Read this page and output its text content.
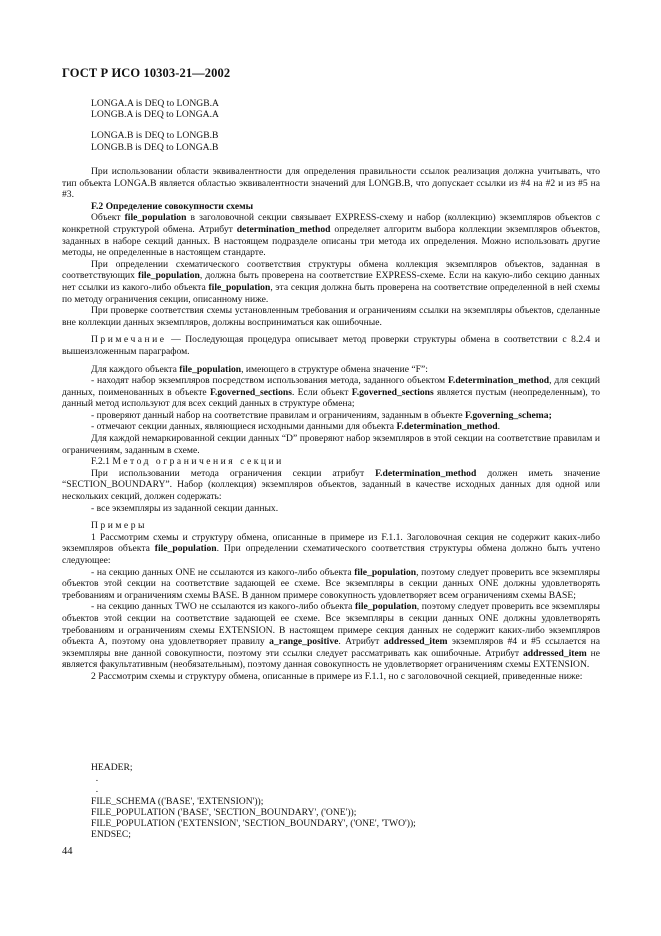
ГОСТ Р ИСО 10303-21—2002
LONGA.A is DEQ to LONGB.A
LONGB.A is DEQ to LONGA.A
LONGA.B is DEQ to LONGB.B
LONGB.B is DEQ to LONGA.B

При использовании области эквивалентности для определения правильности ссылок реализация должна учитывать, что тип объекта LONGA.B является областью эквивалентности значений для LONGB.B, что допускает ссылки из #4 на #2 и из #5 на #3.

F.2 Определение совокупности схемы

Объект file_population в заголовочной секции связывает EXPRESS-схему и набор (коллекцию) экземпляров объектов с конкретной структурой обмена. Атрибут determination_method определяет алгоритм выбора коллекции экземпляров объектов, заданных в наборе секций данных. В настоящем подразделе описаны три метода их определения. Можно использовать другие методы, не определенные в настоящем стандарте.

При определении схематического соответствия структуры обмена коллекция экземпляров объектов, заданная в соответствующих file_population, должна быть проверена на соответствие EXPRESS-схеме. Если на какую-либо секцию данных нет ссылки из какого-либо объекта file_population, эта секция должна быть проверена на соответствие определенной в ней схемы по методу ограничения секции, описанному ниже.

При проверке соответствия схемы установленным требования и ограничениям ссылки на экземпляры объектов, сделанные вне коллекции данных экземпляров, должны восприниматься как ошибочные.

Примечание — Последующая процедура описывает метод проверки структуры обмена в соответствии с 8.2.4 и вышеизложенным параграфом.

Для каждого объекта file_population, имеющего в структуре обмена значение “F”:

- находят набор экземпляров посредством использования метода, заданного объектом F.determination_method, для секций данных, поименованных в объекте F.governed_sections. Если объект F.governed_sections является пустым (неопределенным), то данный метод используют для всех секций данных в структуре обмена;

- проверяют данный набор на соответствие правилам и ограничениям, заданным в объекте F.governing_schema;

- отмечают секции данных, являющиеся исходными данными для объекта F.determination_method.

Для каждой немаркированной секции данных “D” проверяют набор экземпляров в этой секции на соответствие правилам и ограничениям, заданным в схеме.

F.2.1 Метод ограничения секции

При использовании метода ограничения секции атрибут F.determination_method должен иметь значение “SECTION_BOUNDARY”. Набор (коллекция) экземпляров объектов, заданный в качестве исходных данных для одной или нескольких секций, должен содержать:

- все экземпляры из заданной секции данных.

Примеры

1 Рассмотрим схемы и структуру обмена, описанные в примере из F.1.1. Заголовочная секция не содержит каких-либо экземпляров объекта file_population. При определении схематического соответствия структуры обмена должно быть учтено следующее:

- на секцию данных ONE не ссылаются из какого-либо объекта file_population, поэтому следует проверить все экземпляры объектов этой секции на соответствие задающей ее схеме. Все экземпляры в секции данных ONE должны удовлетворять требованиям и ограничениям схемы BASE. В данном примере совокупность удовлетворяет всем ограничениям схемы BASE;

- на секцию данных TWO не ссылаются из какого-либо объекта file_population, поэтому следует проверить все экземпляры объектов этой секции на соответствие задающей ее схеме. Все экземпляры в секции данных ONE должны удовлетворять требованиям и ограничениям схемы EXTENSION. В настоящем примере секция данных не содержит каких-либо экземпляров объекта A, поэтому она удовлетворяет правилу a_range_positive. Атрибут addressed_item экземпляров #4 и #5 ссылается на экземпляры вне данной совокупности, поэтому эти ссылки следует рассматривать как ошибочные. Атрибут addressed_item не является факультативным (необязательным), поэтому данная совокупность не удовлетворяет ограничениям схемы EXTENSION.

2 Рассмотрим схемы и структуру обмена, описанные в примере из F.1.1, но с заголовочной секцией, приведенные ниже:

HEADER;
.
.
FILE_SCHEMA (('BASE', 'EXTENSION'));
FILE_POPULATION ('BASE', 'SECTION_BOUNDARY', ('ONE'));
FILE_POPULATION ('EXTENSION', 'SECTION_BOUNDARY', ('ONE', 'TWO'));
ENDSEC;
44
